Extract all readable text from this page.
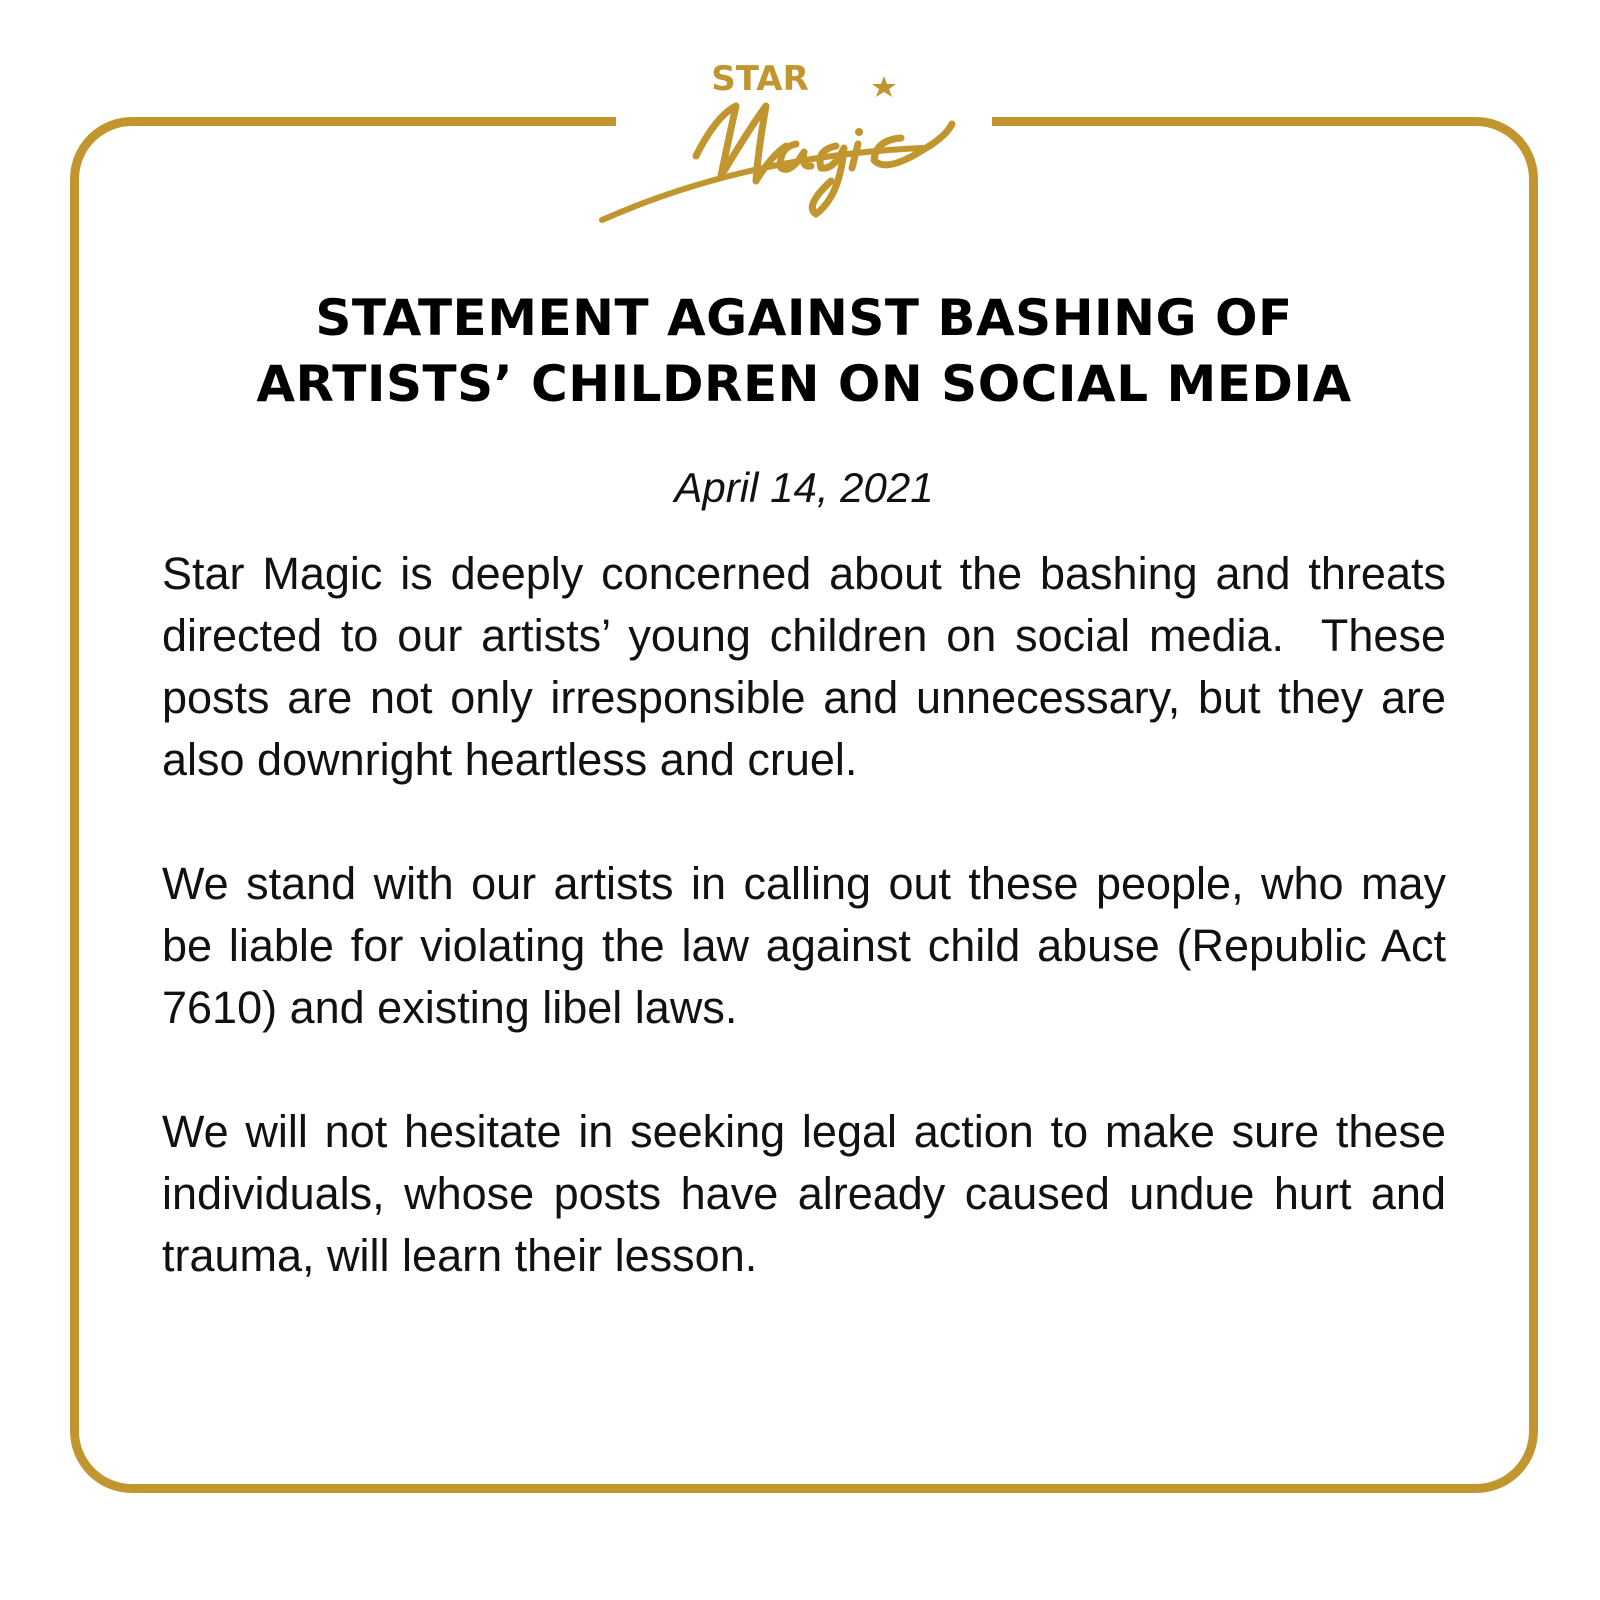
STAR
STATEMENT AGAINST BASHING OF
ARTISTS’ CHILDREN ON SOCIAL MEDIA
April 14, 2021

Star Magic is deeply concerned about the bashing and threats directed to our artists’ young children on social media.  These posts are not only irresponsible and unnecessary, but they are also downright heartless and cruel.

We stand with our artists in calling out these people, who may be liable for violating the law against child abuse (Republic Act 7610) and existing libel laws.

We will not hesitate in seeking legal action to make sure these individuals, whose posts have already caused undue hurt and trauma, will learn their lesson.
